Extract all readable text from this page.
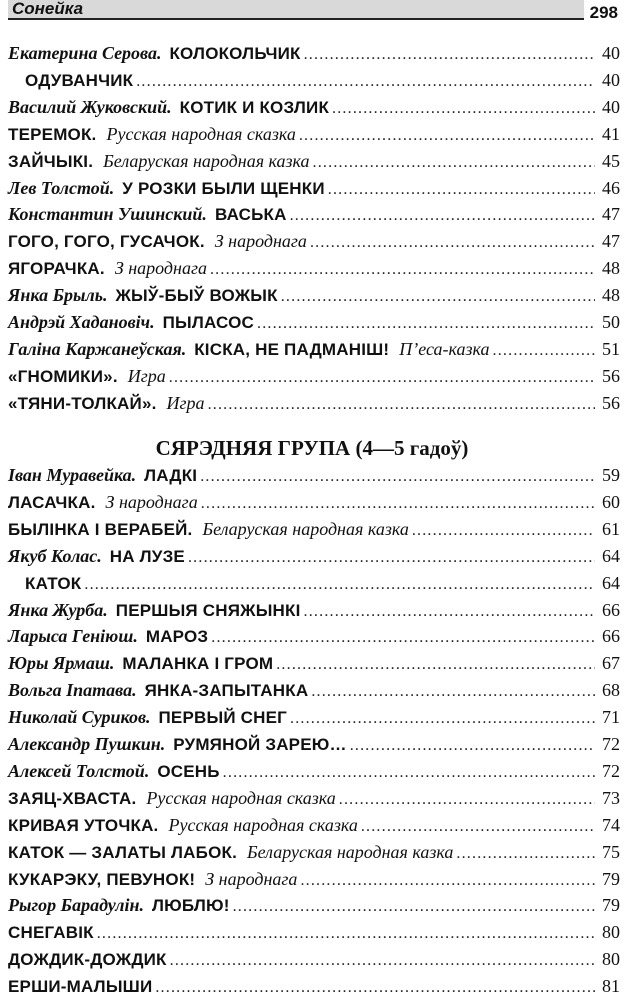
Сонейка	298
Екатерина Серова. КОЛОКОЛЬЧИК .....	40
ОДУВАНЧИК .....	40
Василий Жуковский. КОТИК И КОЗЛИК .....	40
ТЕРЕМОК. Русская народная сказка .....	41
ЗАЙЧЫКІ. Беларуская народная казка .....	45
Лев Толстой. У РОЗКИ БЫЛИ ЩЕНКИ .....	46
Константин Ушинский. ВАСЬКА .....	47
ГОГО, ГОГО, ГУСАЧОК. З народнага .....	47
ЯГОРАЧКА. З народнага .....	48
Янка Брыль. ЖЫЎ-БЫЎ ВОЖЫК .....	48
Андрэй Хадановіч. ПЫЛАСОС .....	50
Галіна Каржанеўская. КІСКА, НЕ ПАДМАНІШ! П’еса-казка .....	51
«ГНОМИКИ». Игра .....	56
«ТЯНИ-ТОЛКАЙ». Игра .....	56
Іван Муравейка. ЛАДКІ .....	59
ЛАСАЧКА. З народнага .....	60
БЫЛІНКА І ВЕРАБЕЙ. Беларуская народная казка .....	61
Якуб Колас. НА ЛУЗЕ .....	64
КАТОК .....	64
Янка Журба. ПЕРШЫЯ СНЯЖЫНКІ .....	66
Ларыса Геніюш. МАРОЗ .....	66
Юры Ярмаш. МАЛАНКА І ГРОМ .....	67
Вольга Іпатава. ЯНКА-ЗАПЫТАНКА .....	68
Николай Суриков. ПЕРВЫЙ СНЕГ .....	71
Александр Пушкин. РУМЯНОЙ ЗАРЕЮ… .....	72
Алексей Толстой. ОСЕНЬ .....	72
ЗАЯЦ-ХВАСТА. Русская народная сказка .....	73
КРИВАЯ УТОЧКА. Русская народная сказка .....	74
КАТОК — ЗАЛАТЫ ЛАБОК. Беларуская народная казка .....	75
КУКАРЭКУ, ПЕВУНОК! З народнага .....	79
Рыгор Барадулін. ЛЮБЛЮ! .....	79
СНЕГАВІК .....	80
ДОЖДИК-ДОЖДИК .....	80
ЕРШИ-МАЛЫШИ .....	81
СЯРЭДНЯЯ ГРУПА (4—5 гадоў)
